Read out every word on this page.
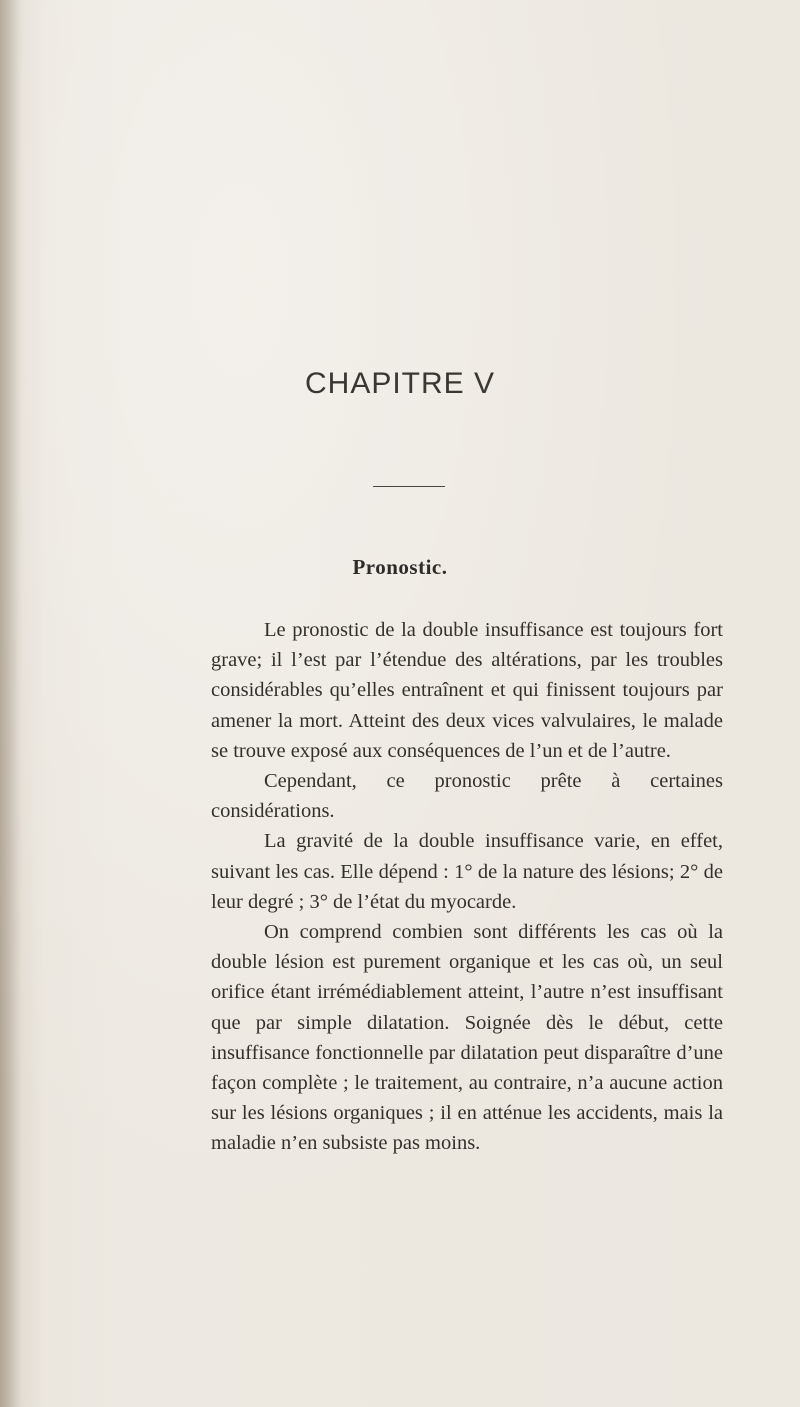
CHAPITRE V
Pronostic.

Le pronostic de la double insuffisance est toujours fort grave; il l’est par l’étendue des altérations, par les troubles considérables qu’elles entraînent et qui finissent toujours par amener la mort. Atteint des deux vices valvulaires, le malade se trouve exposé aux conséquences de l’un et de l’autre.

Cependant, ce pronostic prête à certaines considérations.

La gravité de la double insuffisance varie, en effet, suivant les cas. Elle dépend : 1° de la nature des lésions; 2° de leur degré ; 3° de l’état du myocarde.

On comprend combien sont différents les cas où la double lésion est purement organique et les cas où, un seul orifice étant irrémédiablement atteint, l’autre n’est insuffisant que par simple dilatation. Soignée dès le début, cette insuffisance fonctionnelle par dilatation peut disparaître d’une façon complète ; le traitement, au contraire, n’a aucune action sur les lésions organiques ; il en atténue les accidents, mais la maladie n’en subsiste pas moins.
